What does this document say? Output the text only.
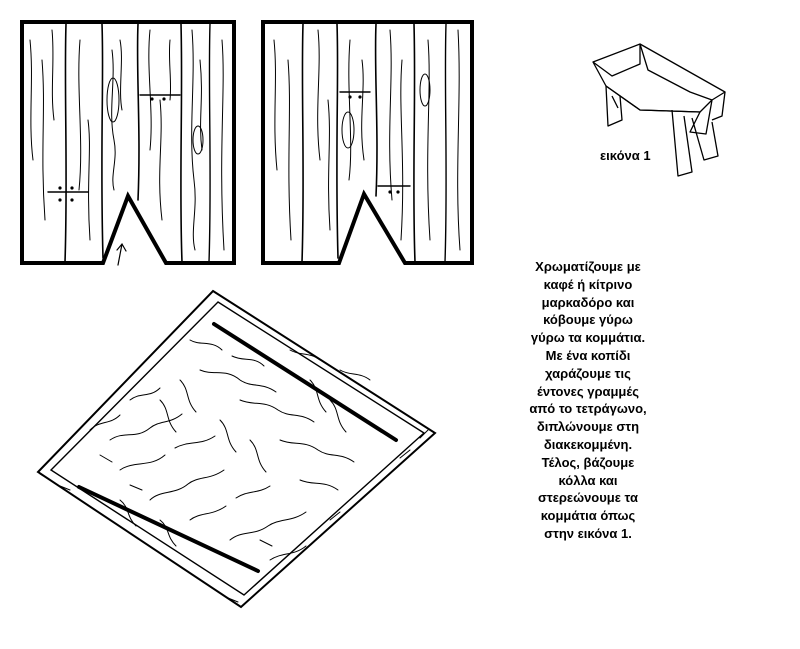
εικόνα 1
Χρωματίζουμε με
καφέ ή κίτρινο
μαρκαδόρο και
κόβουμε γύρω
γύρω τα κομμάτια.
Με ένα κοπίδι
χαράζουμε τις
έντονες γραμμές
από το τετράγωνο,
διπλώνουμε στη
διακεκομμένη.
Τέλος, βάζουμε
κόλλα και
στερεώνουμε τα
κομμάτια όπως
στην εικόνα 1.
